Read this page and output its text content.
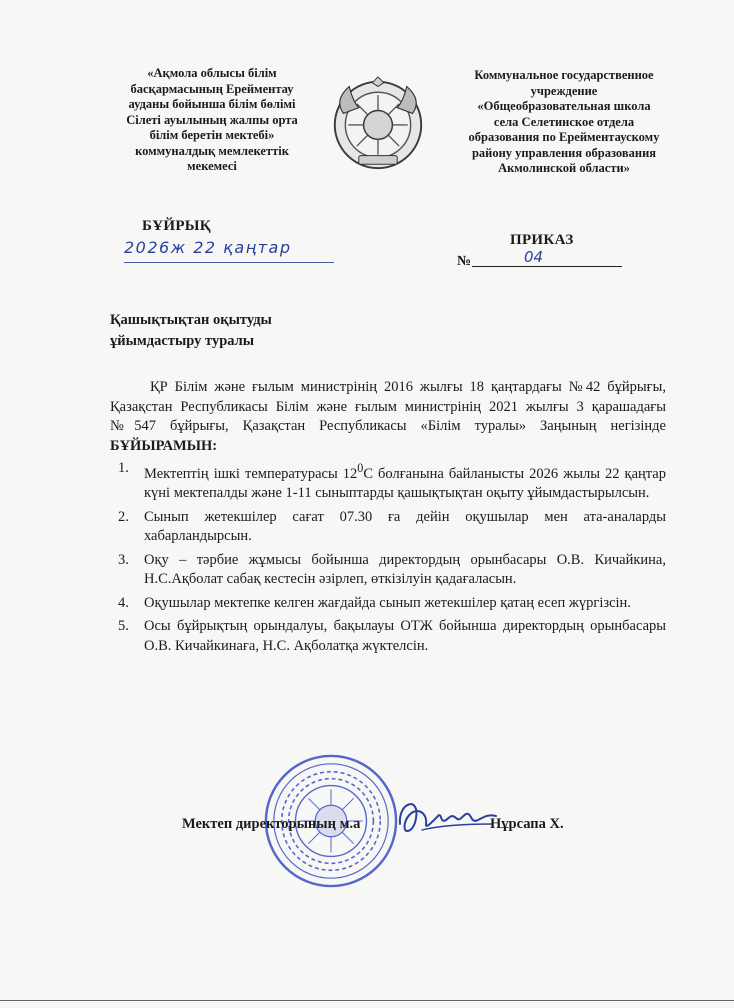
«Ақмола облысы білім
басқармасының Ерейментау
ауданы бойынша білім бөлімі
Сілеті ауылының жалпы орта
білім беретін мектебі»
коммуналдық мемлекеттік
мекемесі
Коммунальное государственное
учреждение
«Общеобразовательная школа
села Селетинское отдела
образования по Ерейментаускому
району управления образования
Акмолинской области»
БҰЙРЫҚ
2026ж 22 қаңтар	ПРИКАЗ
№	04
Қашықтықтан оқытуды
ұйымдастыру туралы
ҚР Білім және ғылым министрінің 2016 жылғы 18 қаңтардағы №42 бұйрығы, Қазақстан Республикасы Білім және ғылым министрінің 2021 жылғы 3 қарашадағы №547 бұйрығы, Қазақстан Республикасы «Білім туралы» Заңының негізінде БҰЙЫРАМЫН:
1. Мектептің ішкі температурасы $12^0С$ болғанына байланысты 2026 жылы 22 қаңтар күні мектепалды және 1-11 сыныптарды қашықтықтан оқыту ұйымдастырылсын.
2. Сынып жетекшілер сағат 07.30 ға дейін оқушылар мен ата-аналарды хабарландырсын.
3. Оқу – тәрбие жұмысы бойынша директордың орынбасары О.В. Кичайкина, Н.С.Ақболат сабақ кестесін әзірлеп, өткізілуін қадағаласын.
4. Оқушылар мектепке келген жағдайда сынып жетекшілер қатаң есеп жүргізсін.
5. Осы бұйрықтың орындалуы, бақылауы ОТЖ бойынша директордың орынбасары О.В. Кичайкинаға, Н.С. Ақболатқа жүктелсін.
Мектеп директорының м.а	Нұрсапа Х.
